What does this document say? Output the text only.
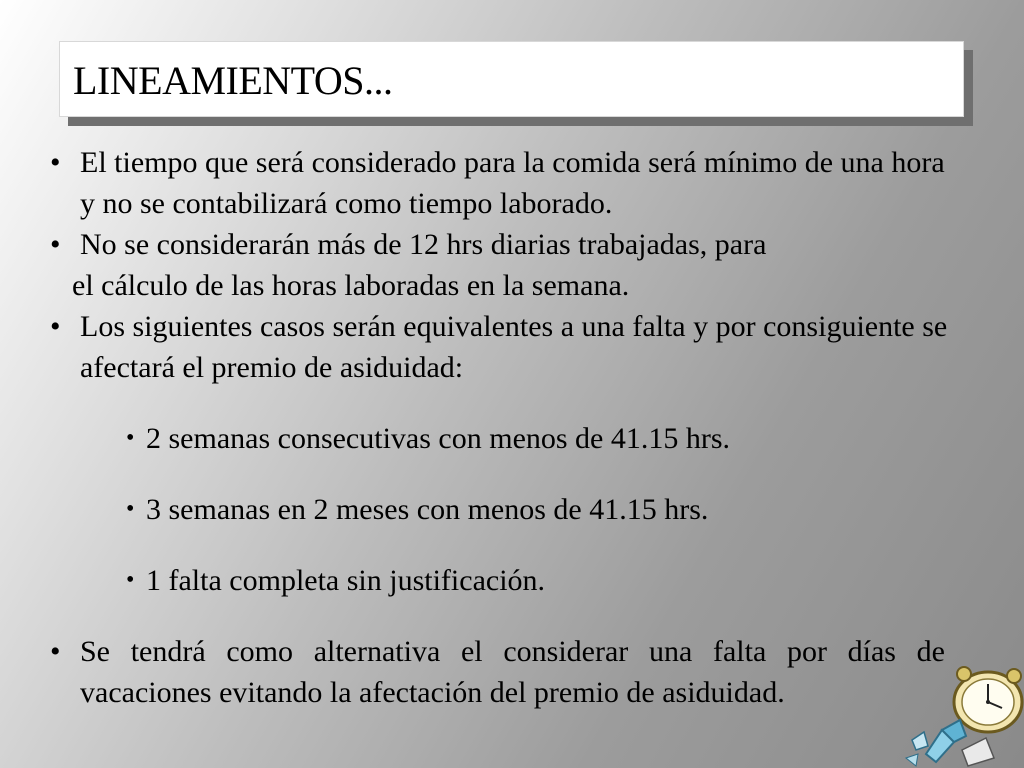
LINEAMIENTOS...

• El tiempo que será considerado para la comida será mínimo de una hora y no se contabilizará como tiempo laborado.

• No se considerarán más de 12 hrs diarias trabajadas, para
el cálculo de las horas laboradas en la semana.

• Los siguientes casos serán equivalentes a una falta y por consiguiente se afectará el premio de asiduidad:

• 2 semanas consecutivas con menos de 41.15 hrs.

• 3 semanas en 2 meses con menos de 41.15 hrs.

• 1 falta completa sin justificación.

• Se tendrá como alternativa el considerar una falta por días de vacaciones evitando la afectación del premio de asiduidad.
